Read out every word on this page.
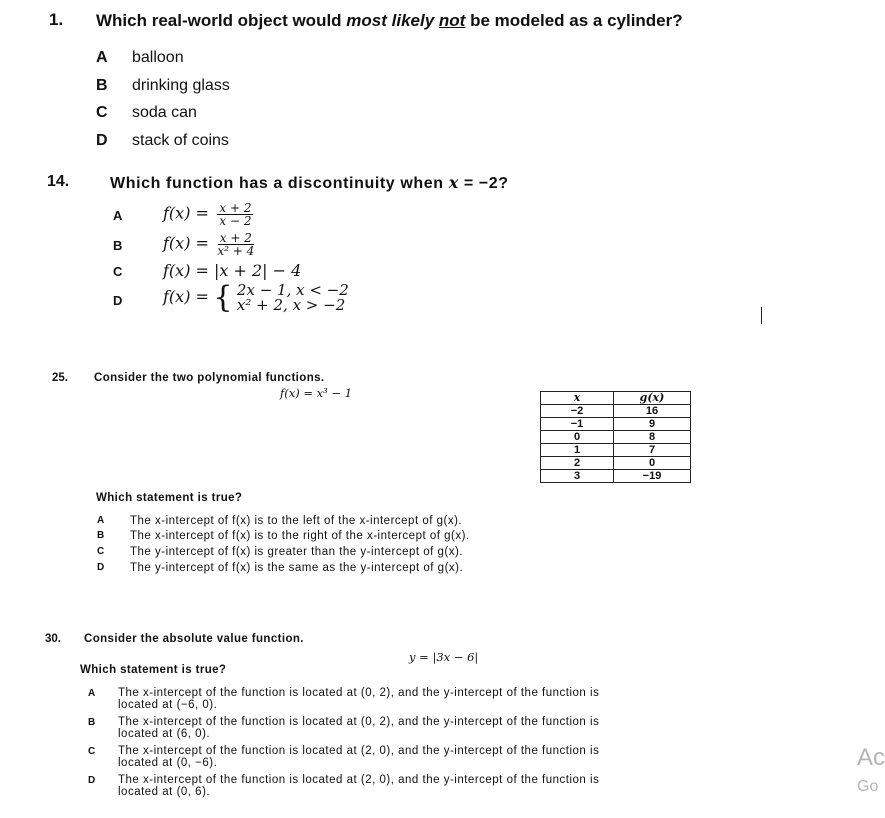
1. Which real-world object would most likely not be modeled as a cylinder?
A balloon
B drinking glass
C soda can
D stack of coins
14.	Which function has a discontinuity when x = −2?
A	$f(x) = \frac{x + 2}{x - 2}$
B	$f(x) = \frac{x + 2}{\text{x² + 4}}$
C	f(x) = |x + 2| − 4
D	f(x) = { 2x − 1, x < −2
x² + 2, x > −2
25. Consider the two polynomial functions.
f(x) = x³ − 1	x	g(x)
−2	16
−1	9
0	8
1	7
2	0
3	−19
Which statement is true?
A The x-intercept of f(x) is to the left of the x-intercept of g(x).
B The x-intercept of f(x) is to the right of the x-intercept of g(x).
C The y-intercept of f(x) is greater than the y-intercept of g(x).
D The y-intercept of f(x) is the same as the y-intercept of g(x).
30. Consider the absolute value function.
y = |3x − 6|
Which statement is true?
A The x-intercept of the function is located at (0, 2), and the y-intercept of the function is
located at (−6, 0).
B The x-intercept of the function is located at (0, 2), and the y-intercept of the function is
located at (6, 0).
C The x-intercept of the function is located at (2, 0), and the y-intercept of the function is
located at (0, −6).
D The x-intercept of the function is located at (2, 0), and the y-intercept of the function is
located at (0, 6).
Ac
Go
